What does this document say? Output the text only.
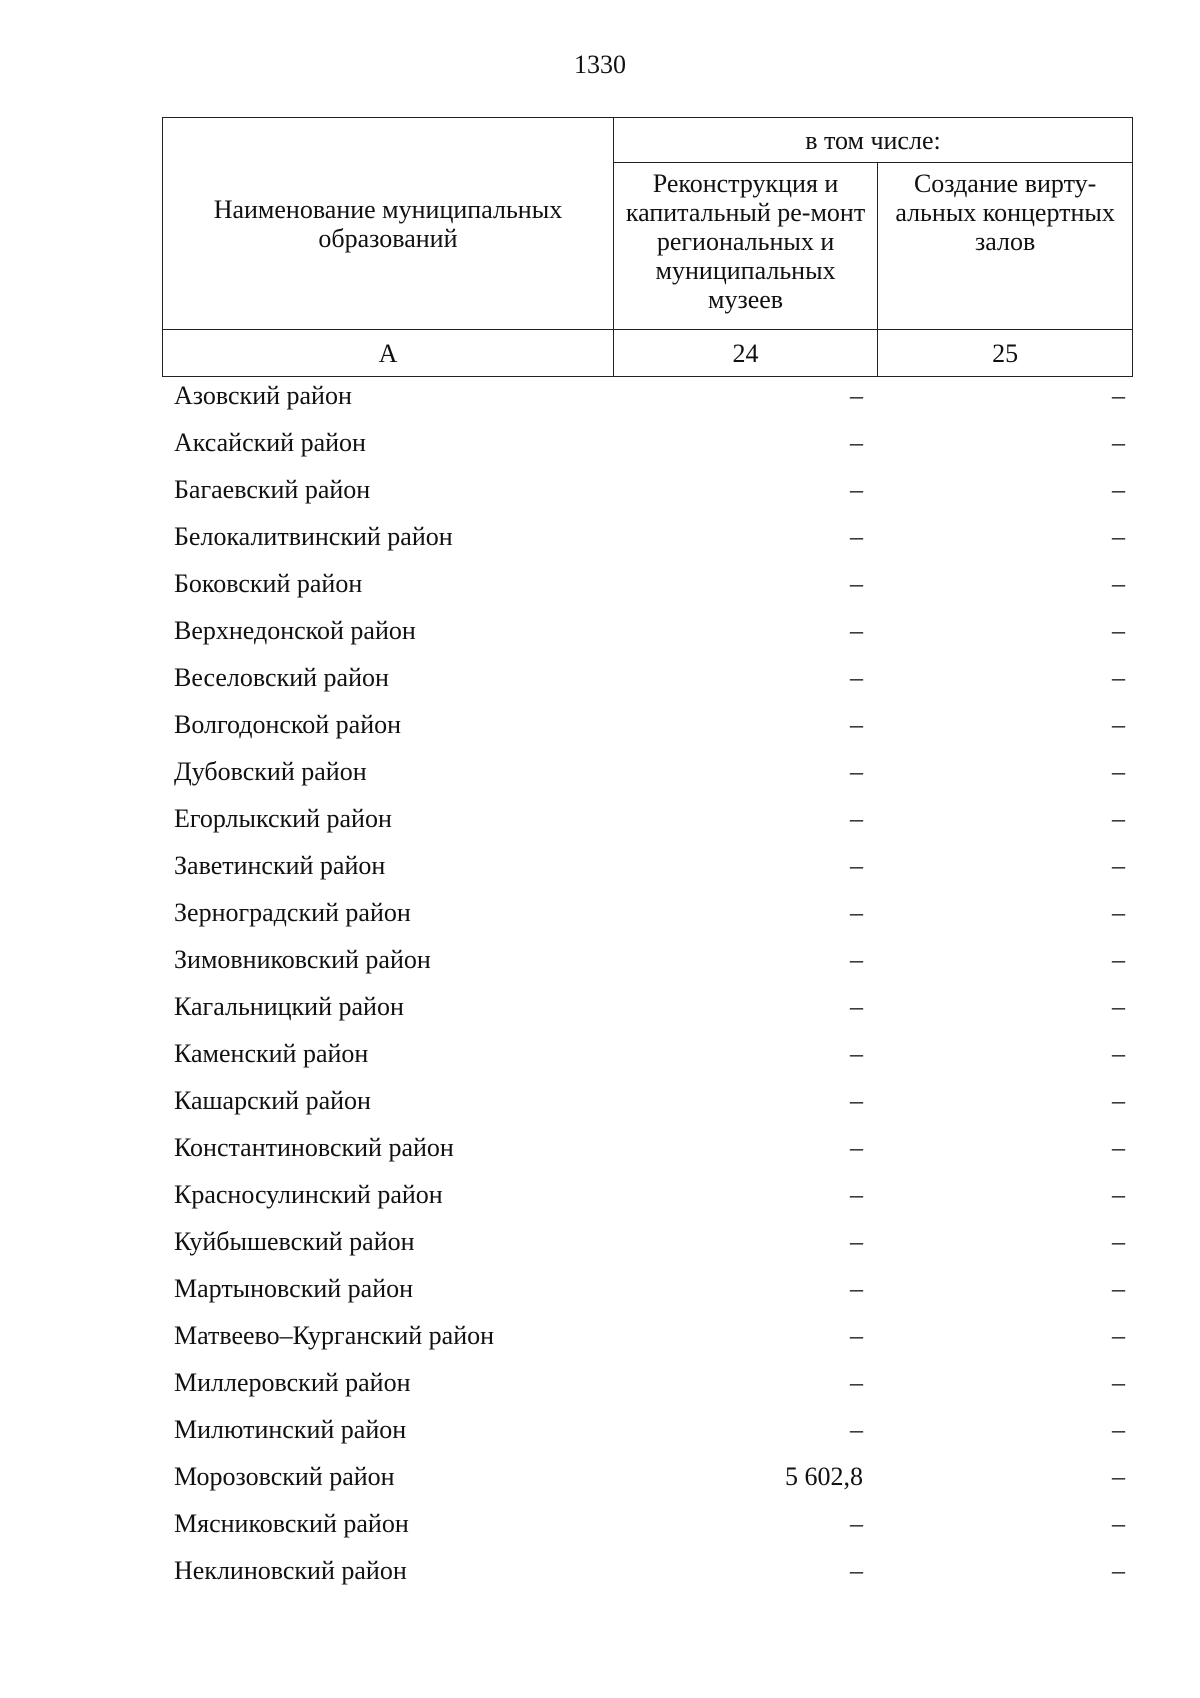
1330
Наименование муниципальных образований	в том числе:	
	Реконструкция и капитальный ре-монт региональных и муниципальных музеев	Создание вирту-альных концертных залов
А	24	25
Азовский район	–	–
Аксайский район	–	–
Багаевский район	–	–
Белокалитвинский район	–	–
Боковский район	–	–
Верхнедонской район	–	–
Веселовский район	–	–
Волгодонской район	–	–
Дубовский район	–	–
Егорлыкский район	–	–
Заветинский район	–	–
Зерноградский район	–	–
Зимовниковский район	–	–
Кагальницкий район	–	–
Каменский район	–	–
Кашарский район	–	–
Константиновский район	–	–
Красносулинский район	–	–
Куйбышевский район	–	–
Мартыновский район	–	–
Матвеево–Курганский район	–	–
Миллеровский район	–	–
Милютинский район	–	–
Морозовский район	5 602,8	–
Мясниковский район	–	–
Неклиновский район	–	–
